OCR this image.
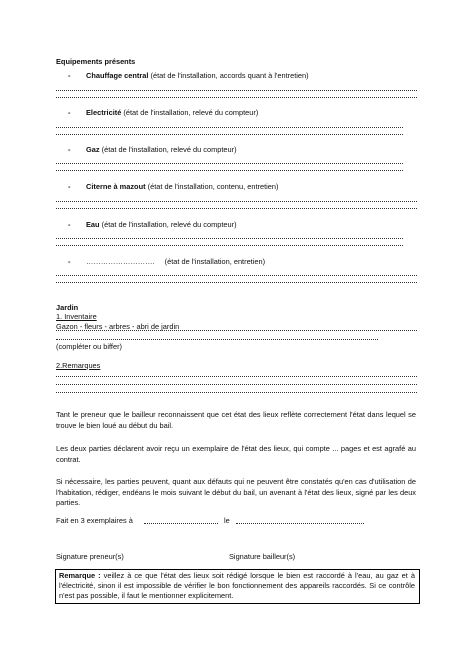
Equipements présents
- Chauffage central (état de l'installation, accords quant à l'entretien)
- Electricité (état de l'installation, relevé du compteur)
- Gaz (état de l'installation, relevé du compteur)
- Citerne à mazout (état de l'installation, contenu, entretien)
- Eau (état de l'installation, relevé du compteur)
- ………………………. (état de l'installation, entretien)
Jardin
1. Inventaire
Gazon - fleurs - arbres - abri de jardin
(compléter ou biffer)
2.Remarques
Tant le preneur que le bailleur reconnaissent que cet état des lieux reflète correctement l'état dans lequel se trouve le bien loué au début du bail.
Les deux parties déclarent avoir reçu un exemplaire de l'état des lieux, qui compte ... pages et est agrafé au contrat.
Si nécessaire, les parties peuvent, quant aux défauts qui ne peuvent être constatés qu'en cas d'utilisation de l'habitation, rédiger, endéans le mois suivant le début du bail, un avenant à l'état des lieux, signé par les deux parties.
Fait en 3 exemplaires à	le
Signature preneur(s)	Signature bailleur(s)
Remarque : veillez à ce que l'état des lieux soit rédigé lorsque le bien est raccordé à l'eau, au gaz et à l'électricité, sinon il est impossible de vérifier le bon fonctionnement des appareils raccordés. Si ce contrôle n'est pas possible, il faut le mentionner explicitement.
